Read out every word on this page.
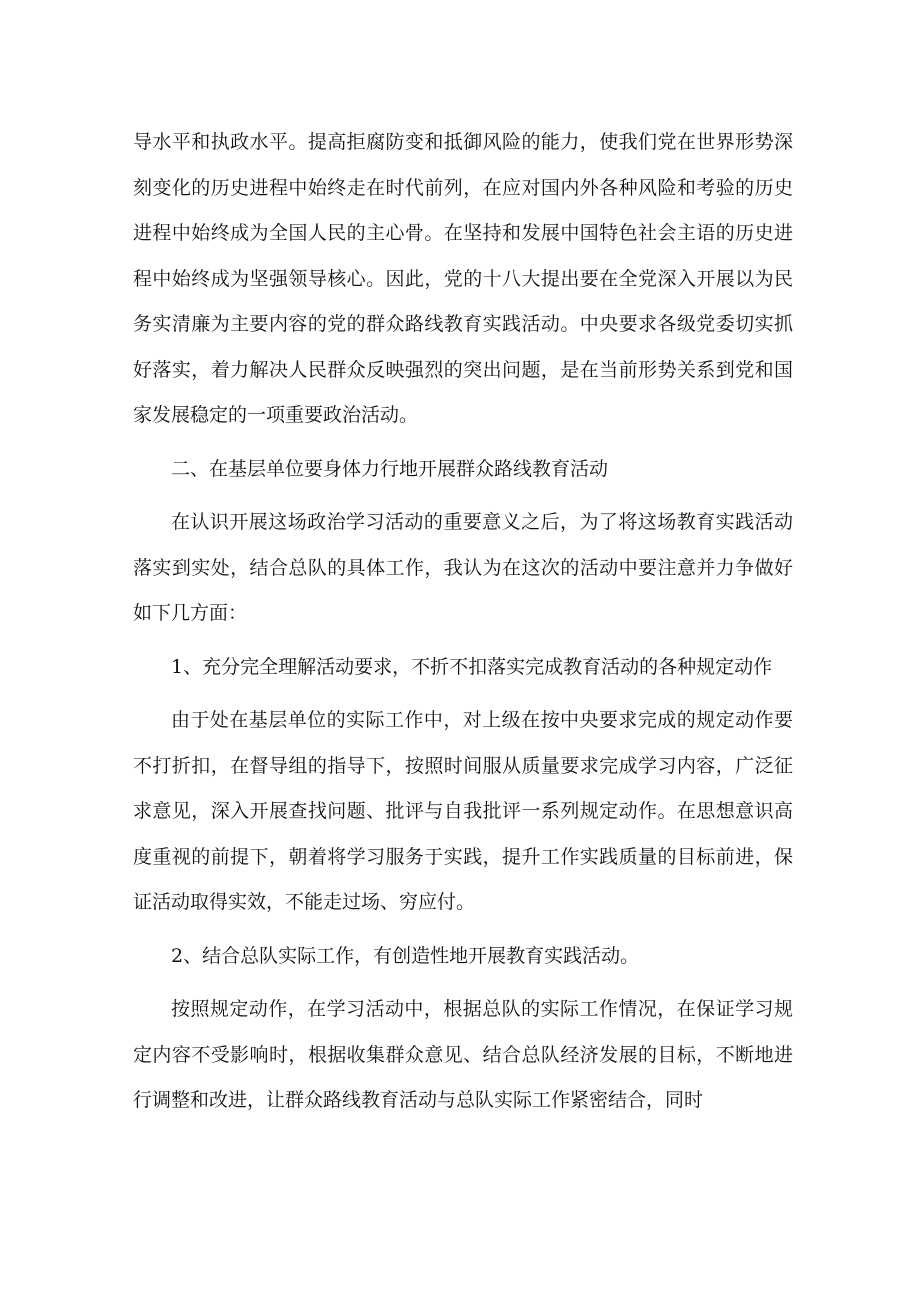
导水平和执政水平。提高拒腐防变和抵御风险的能力，使我们党在世界形势深刻变化的历史进程中始终走在时代前列，在应对国内外各种风险和考验的历史进程中始终成为全国人民的主心骨。在坚持和发展中国特色社会主语的历史进程中始终成为坚强领导核心。因此，党的十八大提出要在全党深入开展以为民务实清廉为主要内容的党的群众路线教育实践活动。中央要求各级党委切实抓好落实，着力解决人民群众反映强烈的突出问题，是在当前形势关系到党和国家发展稳定的一项重要政治活动。

二、在基层单位要身体力行地开展群众路线教育活动

在认识开展这场政治学习活动的重要意义之后，为了将这场教育实践活动落实到实处，结合总队的具体工作，我认为在这次的活动中要注意并力争做好如下几方面：

1、充分完全理解活动要求，不折不扣落实完成教育活动的各种规定动作

由于处在基层单位的实际工作中，对上级在按中央要求完成的规定动作要不打折扣，在督导组的指导下，按照时间服从质量要求完成学习内容，广泛征求意见，深入开展查找问题、批评与自我批评一系列规定动作。在思想意识高度重视的前提下，朝着将学习服务于实践，提升工作实践质量的目标前进，保证活动取得实效，不能走过场、穷应付。

2、结合总队实际工作，有创造性地开展教育实践活动。

按照规定动作，在学习活动中，根据总队的实际工作情况，在保证学习规定内容不受影响时，根据收集群众意见、结合总队经济发展的目标，不断地进行调整和改进，让群众路线教育活动与总队实际工作紧密结合，同时
